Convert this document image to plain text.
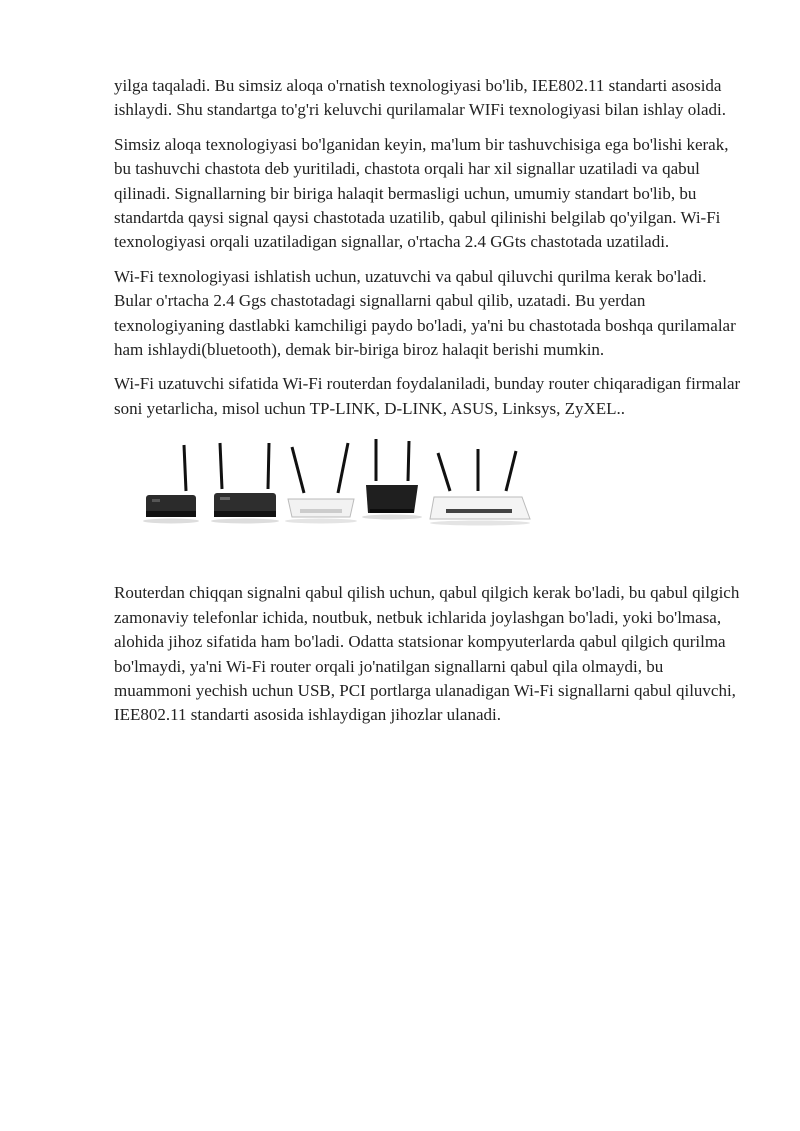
yilga taqaladi. Bu simsiz aloqa o'rnatish texnologiyasi bo'lib, IEE802.11 standarti asosida ishlaydi. Shu standartga to'g'ri keluvchi qurilamalar WIFi texnologiyasi bilan ishlay oladi.

Simsiz aloqa texnologiyasi bo'lganidan keyin, ma'lum bir tashuvchisiga ega bo'lishi kerak, bu tashuvchi chastota deb yuritiladi, chastota orqali har xil signallar uzatiladi va qabul qilinadi. Signallarning bir biriga halaqit bermasligi uchun, umumiy standart bo'lib, bu standartda qaysi signal qaysi chastotada uzatilib, qabul qilinishi belgilab qo'yilgan. Wi-Fi texnologiyasi orqali uzatiladigan signallar, o'rtacha 2.4 GGts chastotada uzatiladi.

Wi-Fi texnologiyasi ishlatish uchun, uzatuvchi va qabul qiluvchi qurilma kerak bo'ladi. Bular o'rtacha 2.4 Ggs chastotadagi signallarni qabul qilib, uzatadi. Bu yerdan texnologiyaning dastlabki kamchiligi paydo bo'ladi, ya'ni bu chastotada boshqa qurilamalar ham ishlaydi(bluetooth), demak bir-biriga biroz halaqit berishi mumkin.

Wi-Fi uzatuvchi sifatida Wi-Fi routerdan foydalaniladi, bunday router chiqaradigan firmalar soni yetarlicha, misol uchun TP-LINK, D-LINK, ASUS, Linksys, ZyXEL..

Routerdan chiqqan signalni qabul qilish uchun, qabul qilgich kerak bo'ladi, bu qabul qilgich zamonaviy telefonlar ichida, noutbuk, netbuk ichlarida joylashgan bo'ladi, yoki bo'lmasa, alohida jihoz sifatida ham bo'ladi. Odatta statsionar kompyuterlarda qabul qilgich qurilma bo'lmaydi, ya'ni Wi-Fi router orqali jo'natilgan signallarni qabul qila olmaydi, bu muammoni yechish uchun USB, PCI portlarga ulanadigan Wi-Fi signallarni qabul qiluvchi, IEE802.11 standarti asosida ishlaydigan jihozlar ulanadi.
